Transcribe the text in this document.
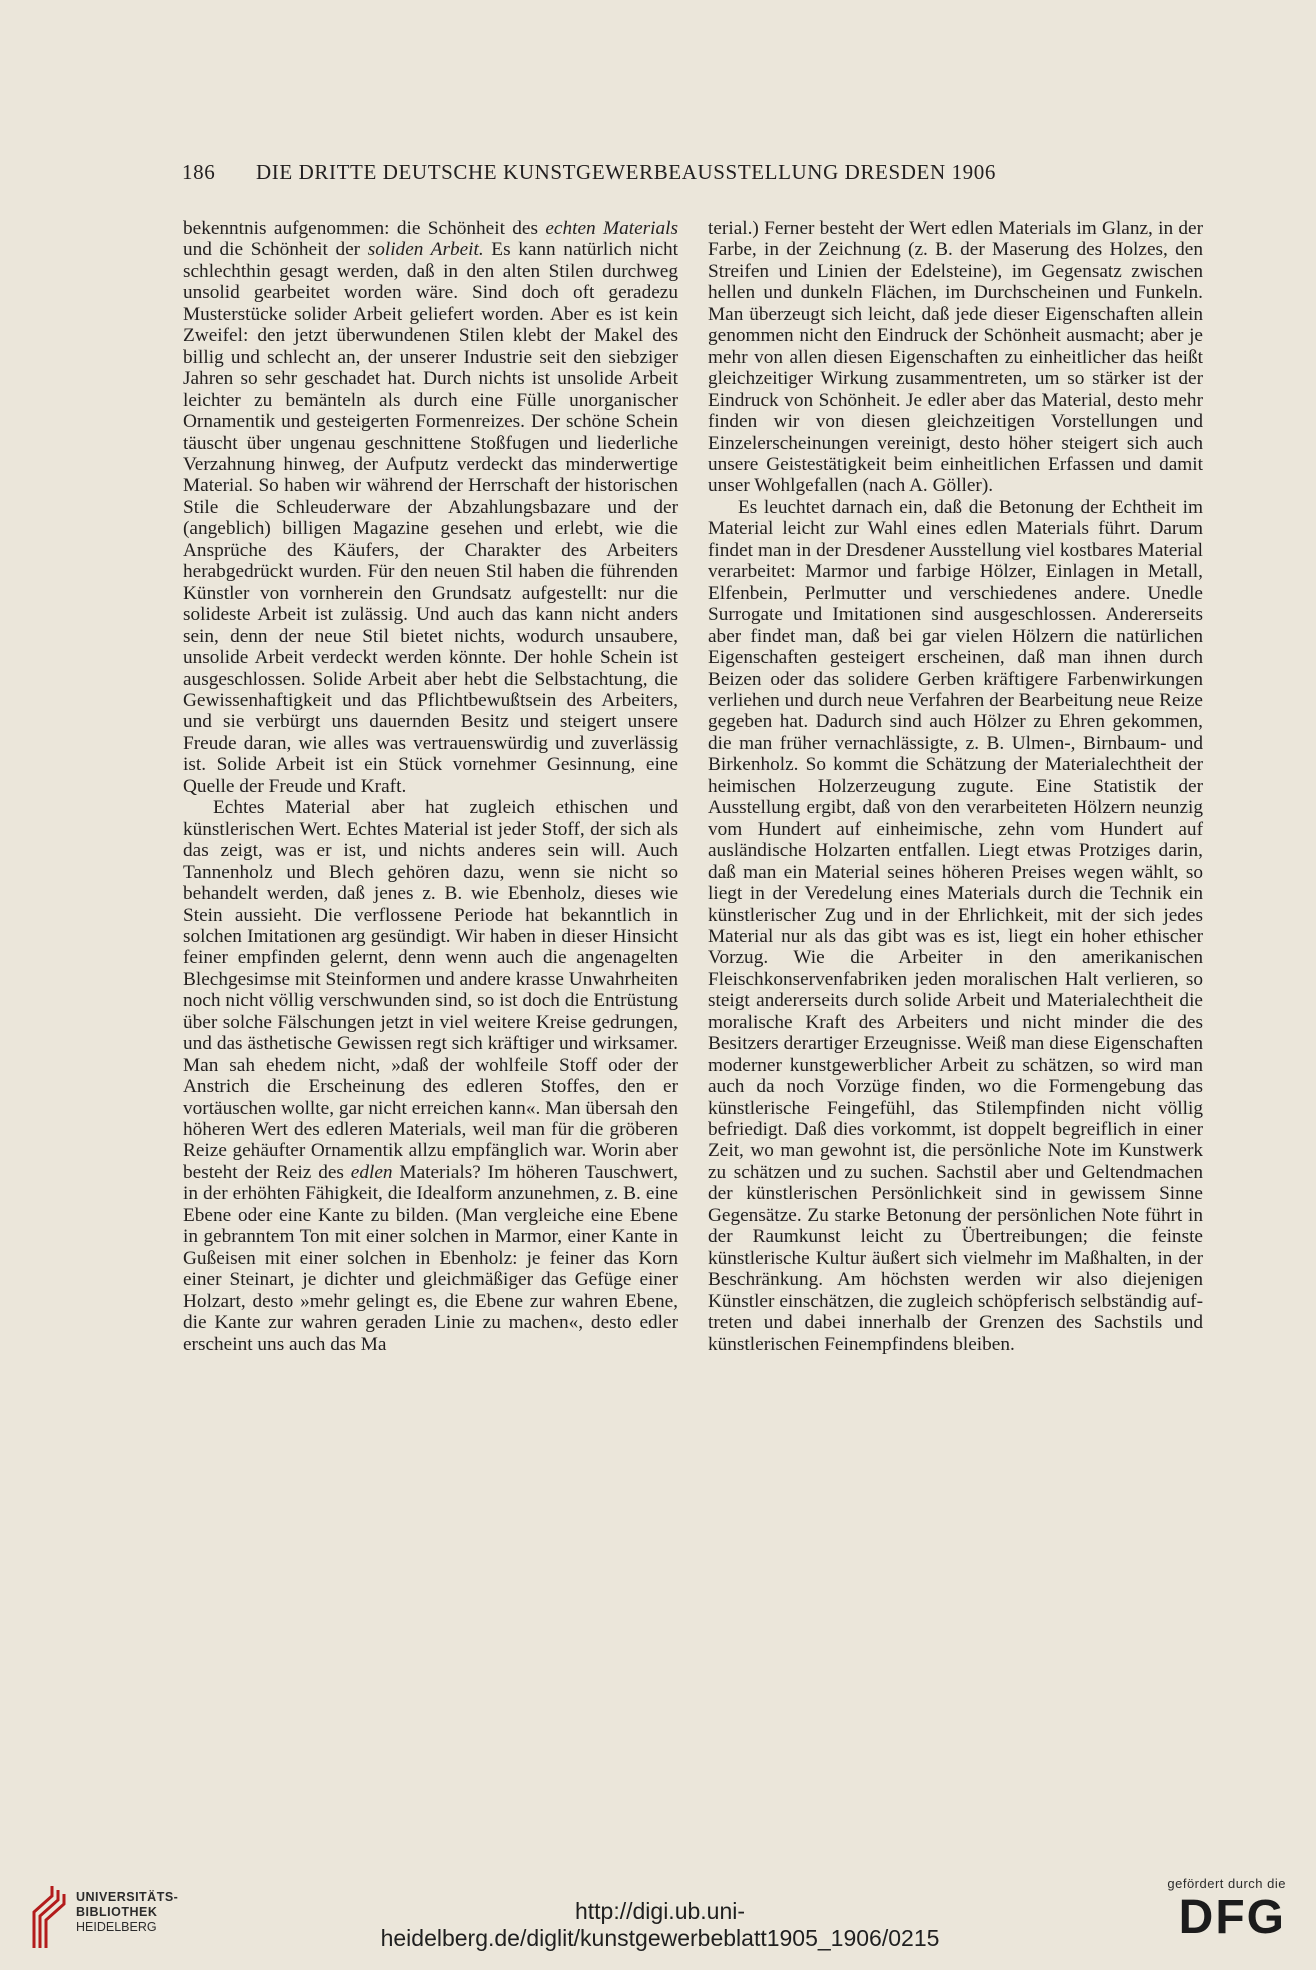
186 DIE DRITTE DEUTSCHE KUNSTGEWERBEAUSSTELLUNG DRESDEN 1906

bekenntnis aufgenommen: die Schönheit des echten Materials und die Schönheit der soliden Arbeit. Es kann natürlich nicht schlechthin gesagt werden, daß in den alten Stilen durchweg unsolid gearbeitet worden wäre. Sind doch oft geradezu Musterstücke solider Arbeit geliefert worden. Aber es ist kein Zweifel: den jetzt überwundenen Stilen klebt der Makel des billig und schlecht an, der unserer Industrie seit den siebziger Jahren so sehr geschadet hat. Durch nichts ist unsolide Arbeit leichter zu bemänteln als durch eine Fülle unorganischer Ornamentik und gesteigerten Formenreizes. Der schöne Schein täuscht über ungenau geschnittene Stoßfugen und liederliche Verzahnung hinweg, der Aufputz verdeckt das minderwertige Material. So haben wir während der Herrschaft der historischen Stile die Schleuderware der Abzahlungsbazare und der (angeblich) billigen Magazine gesehen und erlebt, wie die Ansprüche des Käufers, der Charakter des Arbeiters herabgedrückt wurden. Für den neuen Stil haben die führenden Künstler von vornherein den Grundsatz aufgestellt: nur die solideste Arbeit ist zulässig. Und auch das kann nicht anders sein, denn der neue Stil bietet nichts, wodurch unsaubere, unsolide Arbeit verdeckt werden könnte. Der hohle Schein ist ausgeschlossen. Solide Arbeit aber hebt die Selbstachtung, die Gewissenhaftigkeit und das Pflichtbewußtsein des Arbeiters, und sie verbürgt uns dauernden Besitz und steigert unsere Freude daran, wie alles was vertrauenswürdig und zuverlässig ist. Solide Arbeit ist ein Stück vornehmer Gesinnung, eine Quelle der Freude und Kraft.

Echtes Material aber hat zugleich ethischen und künstlerischen Wert. Echtes Material ist jeder Stoff, der sich als das zeigt, was er ist, und nichts anderes sein will. Auch Tannenholz und Blech gehören dazu, wenn sie nicht so behandelt werden, daß jenes z. B. wie Ebenholz, dieses wie Stein aussieht. Die verflossene Periode hat bekanntlich in solchen Imitationen arg gesündigt. Wir haben in dieser Hinsicht feiner empfinden gelernt, denn wenn auch die angenagelten Blechgesimse mit Steinformen und andere krasse Unwahrheiten noch nicht völlig verschwunden sind, so ist doch die Entrüstung über solche Fälschungen jetzt in viel weitere Kreise gedrungen, und das ästhetische Gewissen regt sich kräftiger und wirksamer. Man sah ehedem nicht, »daß der wohlfeile Stoff oder der Anstrich die Erscheinung des edleren Stoffes, den er vortäuschen wollte, gar nicht erreichen kann«. Man übersah den höheren Wert des edleren Materials, weil man für die gröberen Reize gehäufter Ornamentik allzu empfänglich war. Worin aber besteht der Reiz des edlen Materials? Im höheren Tauschwert, in der erhöhten Fähigkeit, die Idealform anzunehmen, z. B. eine Ebene oder eine Kante zu bilden. (Man vergleiche eine Ebene in gebranntem Ton mit einer solchen in Marmor, einer Kante in Gußeisen mit einer solchen in Ebenholz: je feiner das Korn einer Steinart, je dichter und gleichmäßiger das Gefüge einer Holzart, desto »mehr gelingt es, die Ebene zur wahren Ebene, die Kante zur wahren geraden Linie zu machen«, desto edler erscheint uns auch das Ma

terial.) Ferner besteht der Wert edlen Materials im Glanz, in der Farbe, in der Zeichnung (z. B. der Maserung des Holzes, den Streifen und Linien der Edelsteine), im Gegensatz zwischen hellen und dunkeln Flächen, im Durchscheinen und Funkeln. Man überzeugt sich leicht, daß jede dieser Eigenschaften allein genommen nicht den Eindruck der Schönheit ausmacht; aber je mehr von allen diesen Eigenschaften zu einheitlicher das heißt gleichzeitiger Wirkung zusammentreten, um so stärker ist der Eindruck von Schönheit. Je edler aber das Material, desto mehr finden wir von diesen gleichzeitigen Vorstellungen und Einzelerscheinungen vereinigt, desto höher steigert sich auch unsere Geistestätigkeit beim einheitlichen Erfassen und damit unser Wohlgefallen (nach A. Göller).

Es leuchtet darnach ein, daß die Betonung der Echtheit im Material leicht zur Wahl eines edlen Materials führt. Darum findet man in der Dresdener Ausstellung viel kostbares Material verarbeitet: Marmor und farbige Hölzer, Einlagen in Metall, Elfenbein, Perlmutter und verschiedenes andere. Unedle Surrogate und Imitationen sind ausgeschlossen. Andererseits aber findet man, daß bei gar vielen Hölzern die natürlichen Eigenschaften gesteigert erscheinen, daß man ihnen durch Beizen oder das solidere Gerben kräftigere Farbenwirkungen verliehen und durch neue Verfahren der Bearbeitung neue Reize gegeben hat. Dadurch sind auch Hölzer zu Ehren gekommen, die man früher vernachlässigte, z. B. Ulmen-, Birnbaum- und Birkenholz. So kommt die Schätzung der Materialechtheit der heimischen Holzerzeugung zugute. Eine Statistik der Ausstellung ergibt, daß von den verarbeiteten Hölzern neunzig vom Hundert auf einheimische, zehn vom Hundert auf ausländische Holzarten entfallen. Liegt etwas Protziges darin, daß man ein Material seines höheren Preises wegen wählt, so liegt in der Veredelung eines Materials durch die Technik ein künstlerischer Zug und in der Ehrlichkeit, mit der sich jedes Material nur als das gibt was es ist, liegt ein hoher ethischer Vorzug. Wie die Arbeiter in den amerikanischen Fleischkonservenfabriken jeden moralischen Halt verlieren, so steigt andererseits durch solide Arbeit und Materialechtheit die moralische Kraft des Arbeiters und nicht minder die des Besitzers derartiger Erzeugnisse. Weiß man diese Eigenschaften moderner kunstgewerblicher Arbeit zu schätzen, so wird man auch da noch Vorzüge finden, wo die Formengebung das künstlerische Feingefühl, das Stilempfinden nicht völlig befriedigt. Daß dies vorkommt, ist doppelt begreiflich in einer Zeit, wo man gewohnt ist, die persönliche Note im Kunstwerk zu schätzen und zu suchen. Sachstil aber und Geltendmachen der künstlerischen Persönlichkeit sind in gewissem Sinne Gegensätze. Zu starke Betonung der persönlichen Note führt in der Raumkunst leicht zu Übertreibungen; die feinste künstlerische Kultur äußert sich vielmehr im Maßhalten, in der Beschränkung. Am höchsten werden wir also diejenigen Künstler einschätzen, die zugleich schöpferisch selbständig auftreten und dabei innerhalb der Grenzen des Sachstils und künstlerischen Feinempfindens bleiben.

UNIVERSITÄTS-
BIBLIOTHEK
HEIDELBERG
http://digi.ub.uni-heidelberg.de/diglit/kunstgewerbeblatt1905_1906/0215
gefördert durch die
DFG
